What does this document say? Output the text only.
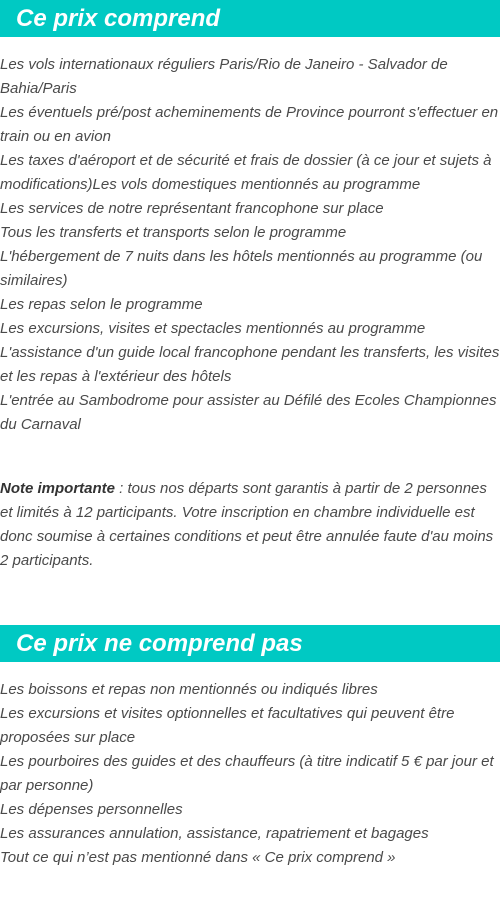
Ce prix comprend
Les vols internationaux réguliers Paris/Rio de Janeiro - Salvador de Bahia/Paris
Les éventuels pré/post acheminements de Province pourront s'effectuer en train ou en avion
Les taxes d'aéroport et de sécurité et frais de dossier (à ce jour et sujets à modifications)Les vols domestiques mentionnés au programme
Les services de notre représentant francophone sur place
Tous les transferts et transports selon le programme
L'hébergement de 7 nuits dans les hôtels mentionnés au programme (ou similaires)
Les repas selon le programme
Les excursions, visites et spectacles mentionnés au programme
L'assistance d'un guide local francophone pendant les transferts, les visites et les repas à l'extérieur des hôtels
L'entrée au Sambodrome pour assister au Défilé des Ecoles Championnes du Carnaval

Note importante : tous nos départs sont garantis à partir de 2 personnes et limités à 12 participants. Votre inscription en chambre individuelle est donc soumise à certaines conditions et peut être annulée faute d'au moins 2 participants.

Ce prix ne comprend pas
Les boissons et repas non mentionnés ou indiqués libres
Les excursions et visites optionnelles et facultatives qui peuvent être proposées sur place
Les pourboires des guides et des chauffeurs (à titre indicatif 5 € par jour et par personne)
Les dépenses personnelles
Les assurances annulation, assistance, rapatriement et bagages
Tout ce qui n’est pas mentionné dans « Ce prix comprend »
